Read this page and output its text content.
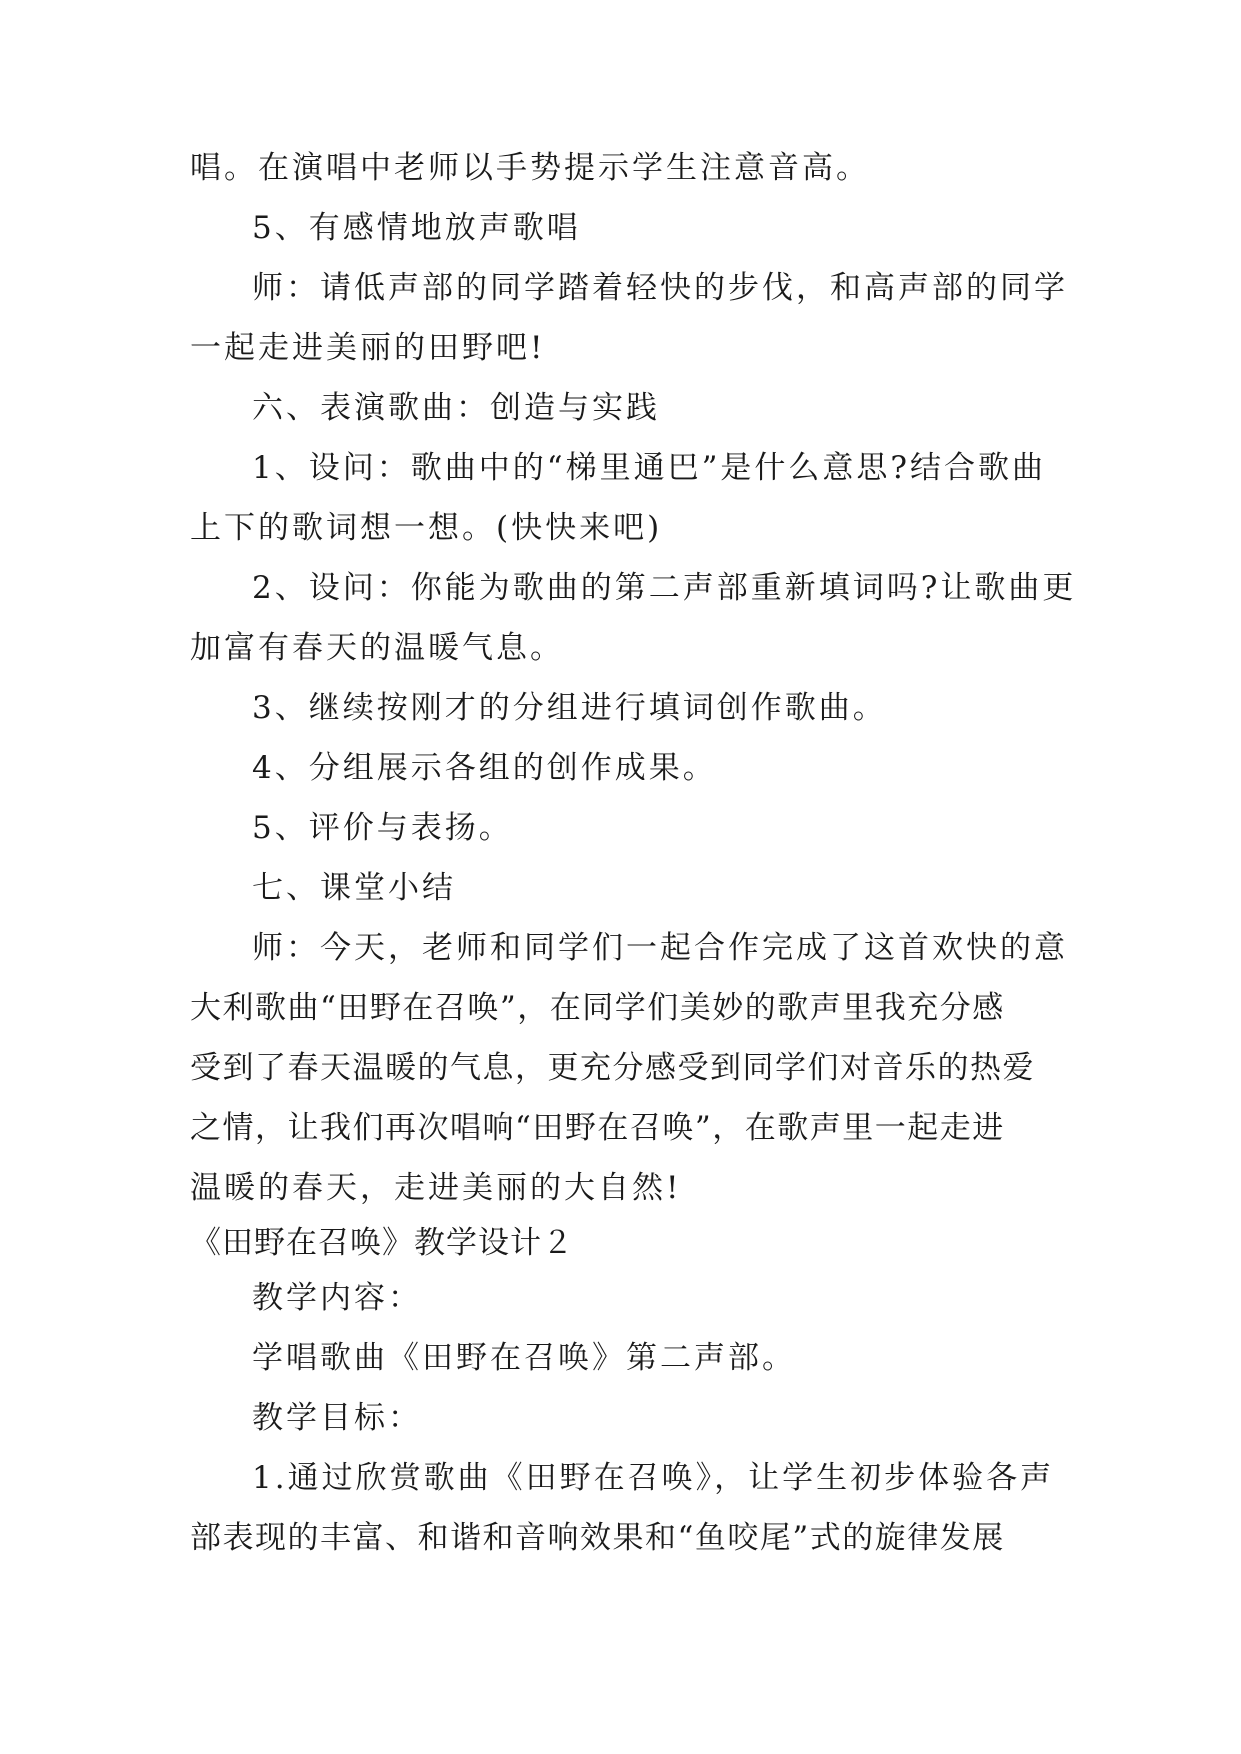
唱。在演唱中老师以手势提示学生注意音高。
5、有感情地放声歌唱
师：请低声部的同学踏着轻快的步伐，和高声部的同学
一起走进美丽的田野吧!
六、表演歌曲：创造与实践
1、设问：歌曲中的“梯里通巴”是什么意思?结合歌曲
上下的歌词想一想。(快快来吧)
2、设问：你能为歌曲的第二声部重新填词吗?让歌曲更
加富有春天的温暖气息。
3、继续按刚才的分组进行填词创作歌曲。
4、分组展示各组的创作成果。
5、评价与表扬。
七、课堂小结
师：今天，老师和同学们一起合作完成了这首欢快的意
大利歌曲“田野在召唤”，在同学们美妙的歌声里我充分感
受到了春天温暖的气息，更充分感受到同学们对音乐的热爱
之情，让我们再次唱响“田野在召唤”，在歌声里一起走进
温暖的春天，走进美丽的大自然!
《田野在召唤》教学设计２
教学内容：
学唱歌曲《田野在召唤》第二声部。
教学目标：
1.通过欣赏歌曲《田野在召唤》，让学生初步体验各声
部表现的丰富、和谐和音响效果和“鱼咬尾”式的旋律发展
